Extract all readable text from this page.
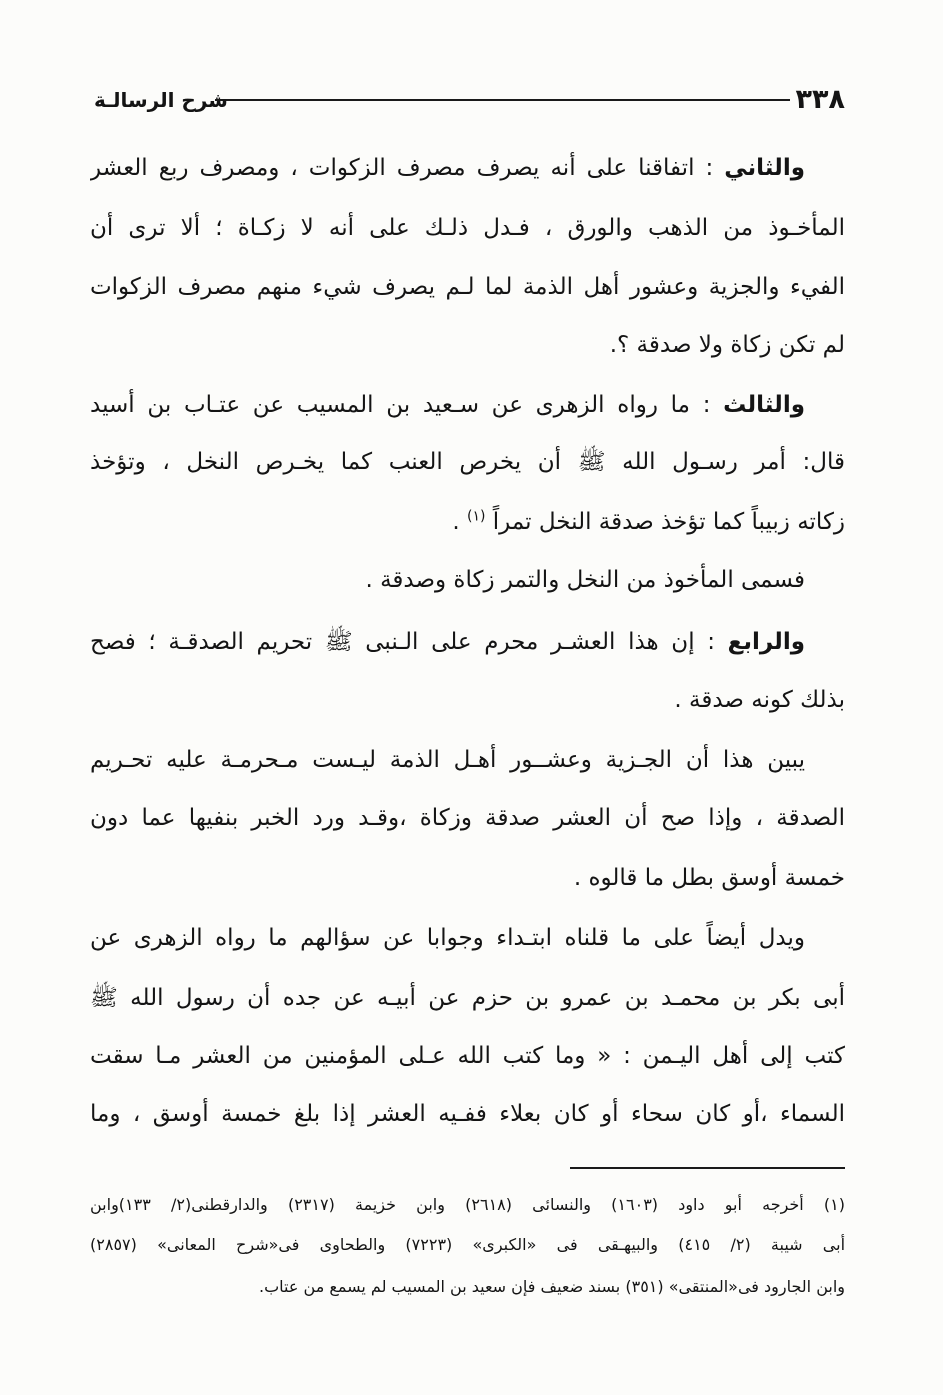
٣٣٨
شرح الرسالـة
والثاني : اتفاقنا على أنه يصرف مصرف الزكوات ، ومصرف ربع العشر
المأخـوذ من الذهب والورق ، فـدل ذلـك على أنه لا زكـاة ؛ ألا ترى أن
الفيء والجزية وعشور أهل الذمة لما لـم يصرف شيء منهم مصرف الزكوات
لم تكن زكاة ولا صدقة ؟.
والثالث : ما رواه الزهرى عن سـعيد بن المسيب عن عتـاب بن أسيد
قال: أمر رسـول الله ﷺ أن يخرص العنب كما يخـرص النخل ، وتؤخذ
زكاته زبيباً كما تؤخذ صدقة النخل تمراً $^{(١)}$ .
فسمى المأخوذ من النخل والتمر زكاة وصدقة .
والرابع : إن هذا العشـر محرم على الـنبى ﷺ تحريم الصدقـة ؛ فصح
بذلك كونه صدقة .
يبين هذا أن الجـزية وعشــور أهـل الذمة ليـست مـحرمـة عليه تحـريم
الصدقة ، وإذا صح أن العشر صدقة وزكاة ،وقـد ورد الخبر بنفيها عما دون
خمسة أوسق بطل ما قالوه .
ويدل أيضاً على ما قلناه ابتـداء وجوابا عن سؤالهم ما رواه الزهرى عن
أبى بكر بن محمـد بن عمرو بن حزم عن أبيـه عن جده أن رسول الله ﷺ
كتب إلى أهل اليـمن : « وما كتب الله عـلى المؤمنين من العشر مـا سقت
السماء ،أو كان سحاء أو كان بعلاء ففـيه العشر إذا بلغ خمسة أوسق ، وما
(١) أخرجه أبو داود (١٦٠٣) والنسائى (٢٦١٨) وابن خزيمة (٢٣١٧) والدارقطنى(٢/ ١٣٣)وابن
أبى شيبة (٢/ ٤١٥) والبيهـقى فى «الكبرى» (٧٢٢٣) والطحاوى فى«شرح المعانى» (٢٨٥٧)
وابن الجارود فى«المنتقى» (٣٥١) بسند ضعيف فإن سعيد بن المسيب لم يسمع من عتاب.
